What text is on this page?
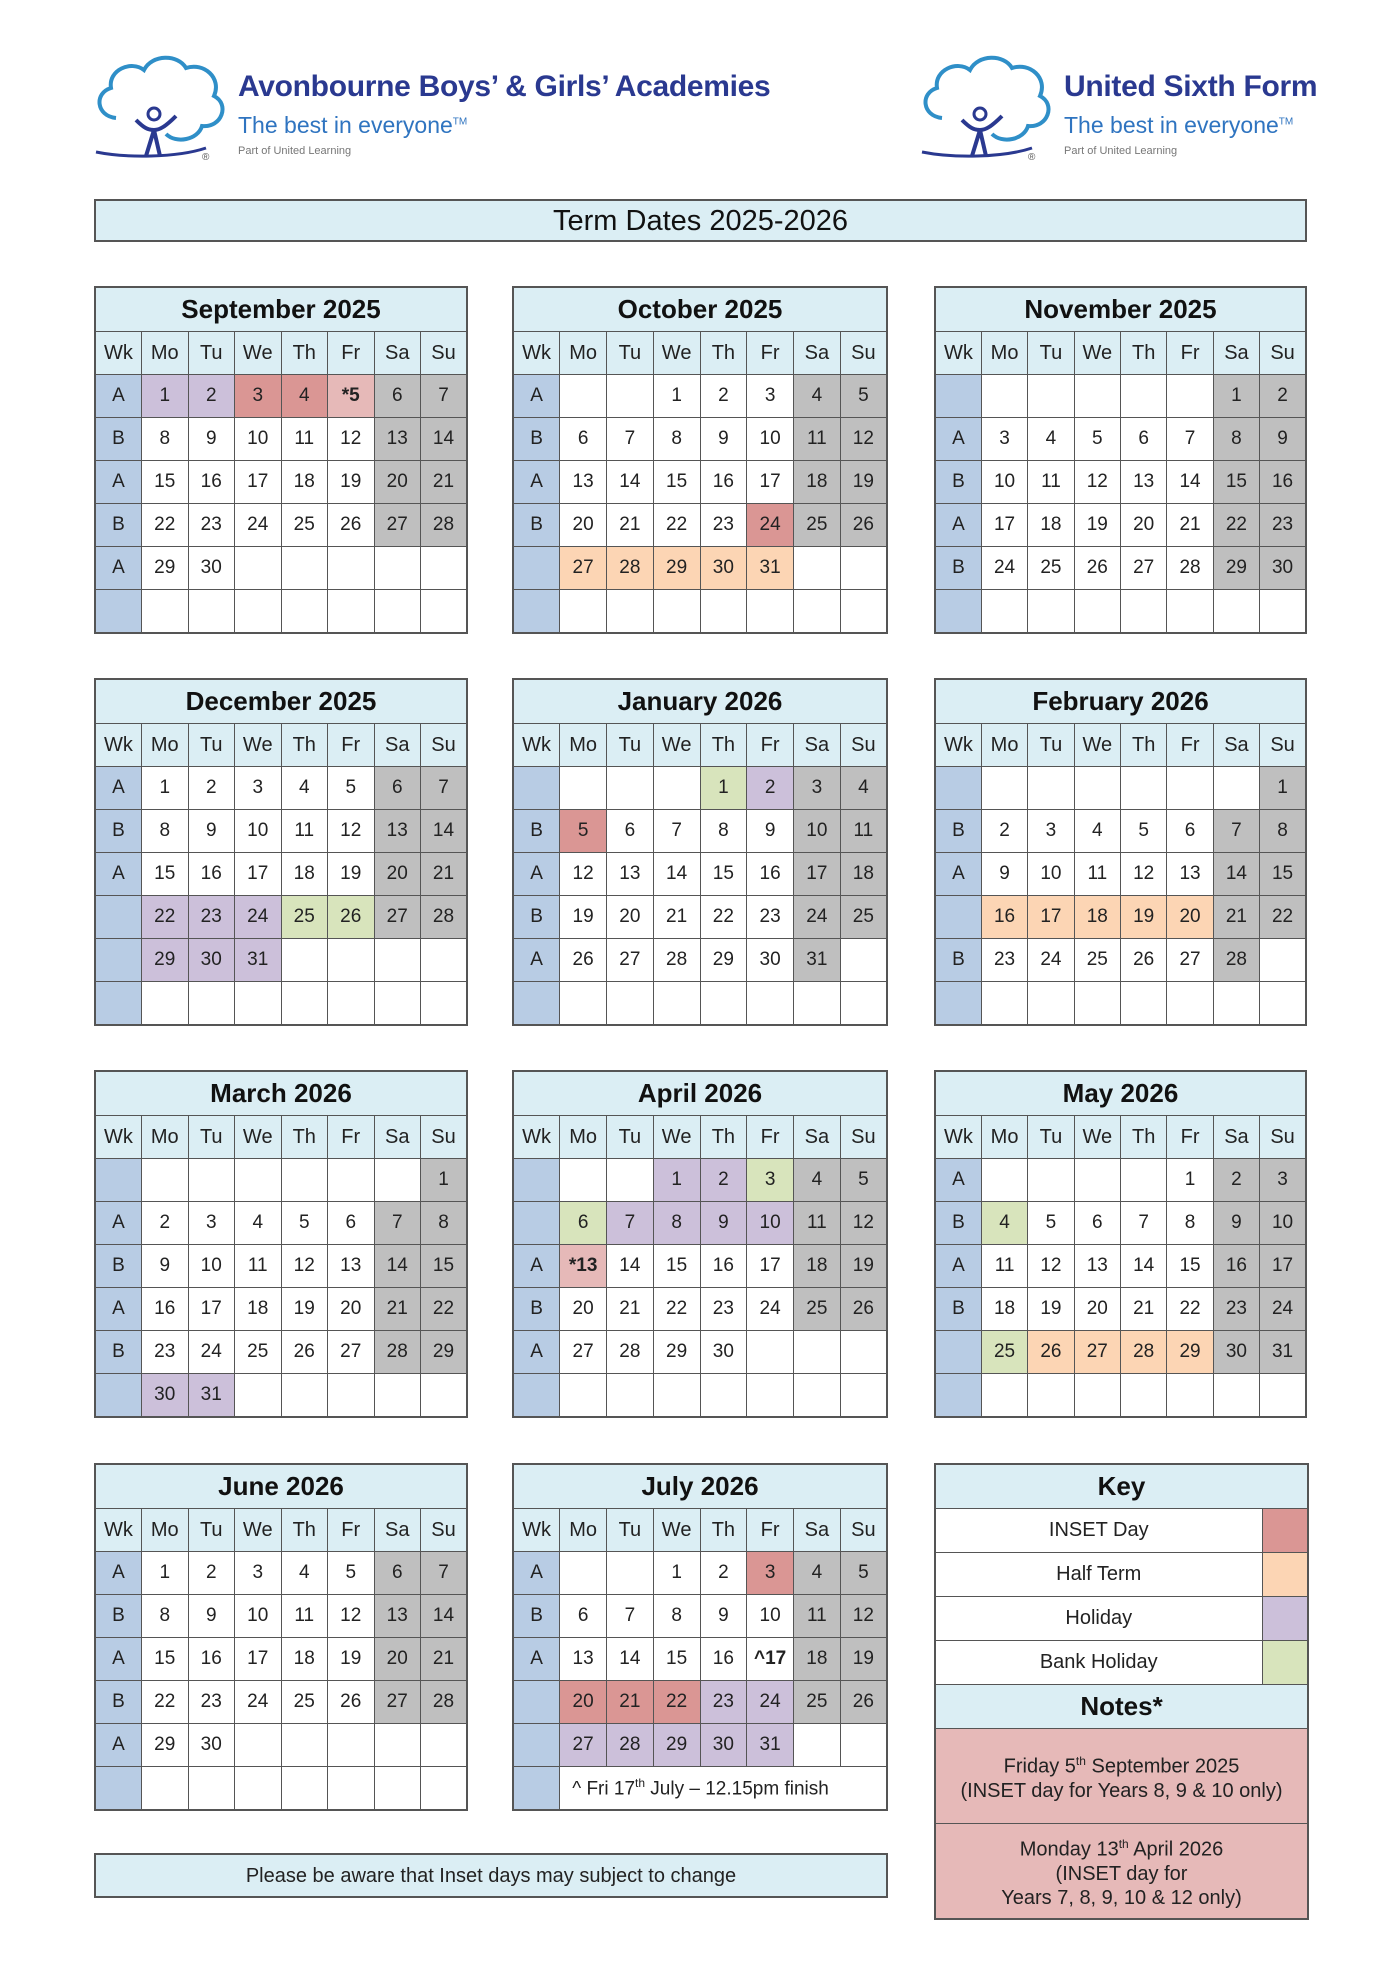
®
Avonbourne Boys’ & Girls’ Academies
The best in everyone™
Part of United Learning
®
United Sixth Form
The best in everyone™
Part of United Learning
Term Dates 2025-2026
September 2025							
Wk	Mo	Tu	We	Th	Fr	Sa	Su
A	1	2	3	4	*5	6	7
B	8	9	10	11	12	13	14
A	15	16	17	18	19	20	21
B	22	23	24	25	26	27	28
A	29	30					

October 2025							
Wk	Mo	Tu	We	Th	Fr	Sa	Su
A			1	2	3	4	5
B	6	7	8	9	10	11	12
A	13	14	15	16	17	18	19
B	20	21	22	23	24	25	26
	27	28	29	30	31		

November 2025							
Wk	Mo	Tu	We	Th	Fr	Sa	Su
						1	2
A	3	4	5	6	7	8	9
B	10	11	12	13	14	15	16
A	17	18	19	20	21	22	23
B	24	25	26	27	28	29	30

December 2025							
Wk	Mo	Tu	We	Th	Fr	Sa	Su
A	1	2	3	4	5	6	7
B	8	9	10	11	12	13	14
A	15	16	17	18	19	20	21
	22	23	24	25	26	27	28
	29	30	31				

January 2026							
Wk	Mo	Tu	We	Th	Fr	Sa	Su
				1	2	3	4
B	5	6	7	8	9	10	11
A	12	13	14	15	16	17	18
B	19	20	21	22	23	24	25
A	26	27	28	29	30	31	

February 2026							
Wk	Mo	Tu	We	Th	Fr	Sa	Su
							1
B	2	3	4	5	6	7	8
A	9	10	11	12	13	14	15
	16	17	18	19	20	21	22
B	23	24	25	26	27	28	

March 2026							
Wk	Mo	Tu	We	Th	Fr	Sa	Su
							1
A	2	3	4	5	6	7	8
B	9	10	11	12	13	14	15
A	16	17	18	19	20	21	22
B	23	24	25	26	27	28	29
	30	31					
April 2026							
Wk	Mo	Tu	We	Th	Fr	Sa	Su
			1	2	3	4	5
	6	7	8	9	10	11	12
A	*13	14	15	16	17	18	19
B	20	21	22	23	24	25	26
A	27	28	29	30			

May 2026							
Wk	Mo	Tu	We	Th	Fr	Sa	Su
A					1	2	3
B	4	5	6	7	8	9	10
A	11	12	13	14	15	16	17
B	18	19	20	21	22	23	24
	25	26	27	28	29	30	31

June 2026							
Wk	Mo	Tu	We	Th	Fr	Sa	Su
A	1	2	3	4	5	6	7
B	8	9	10	11	12	13	14
A	15	16	17	18	19	20	21
B	22	23	24	25	26	27	28
A	29	30					

July 2026							
Wk	Mo	Tu	We	Th	Fr	Sa	Su
A			1	2	3	4	5
B	6	7	8	9	10	11	12
A	13	14	15	16	^17	18	19
	20	21	22	23	24	25	26
	27	28	29	30	31		
	^ Fri 17th July – 12.15pm finish						
Key	
INSET Day	
Half Term	
Holiday	
Bank Holiday	
Notes*	
Friday 5th September 2025
(INSET day for Years 8, 9 & 10 only)	
Monday 13th April 2026
(INSET day for
Years 7, 8, 9, 10 & 12 only)	
Please be aware that Inset days may subject to change
